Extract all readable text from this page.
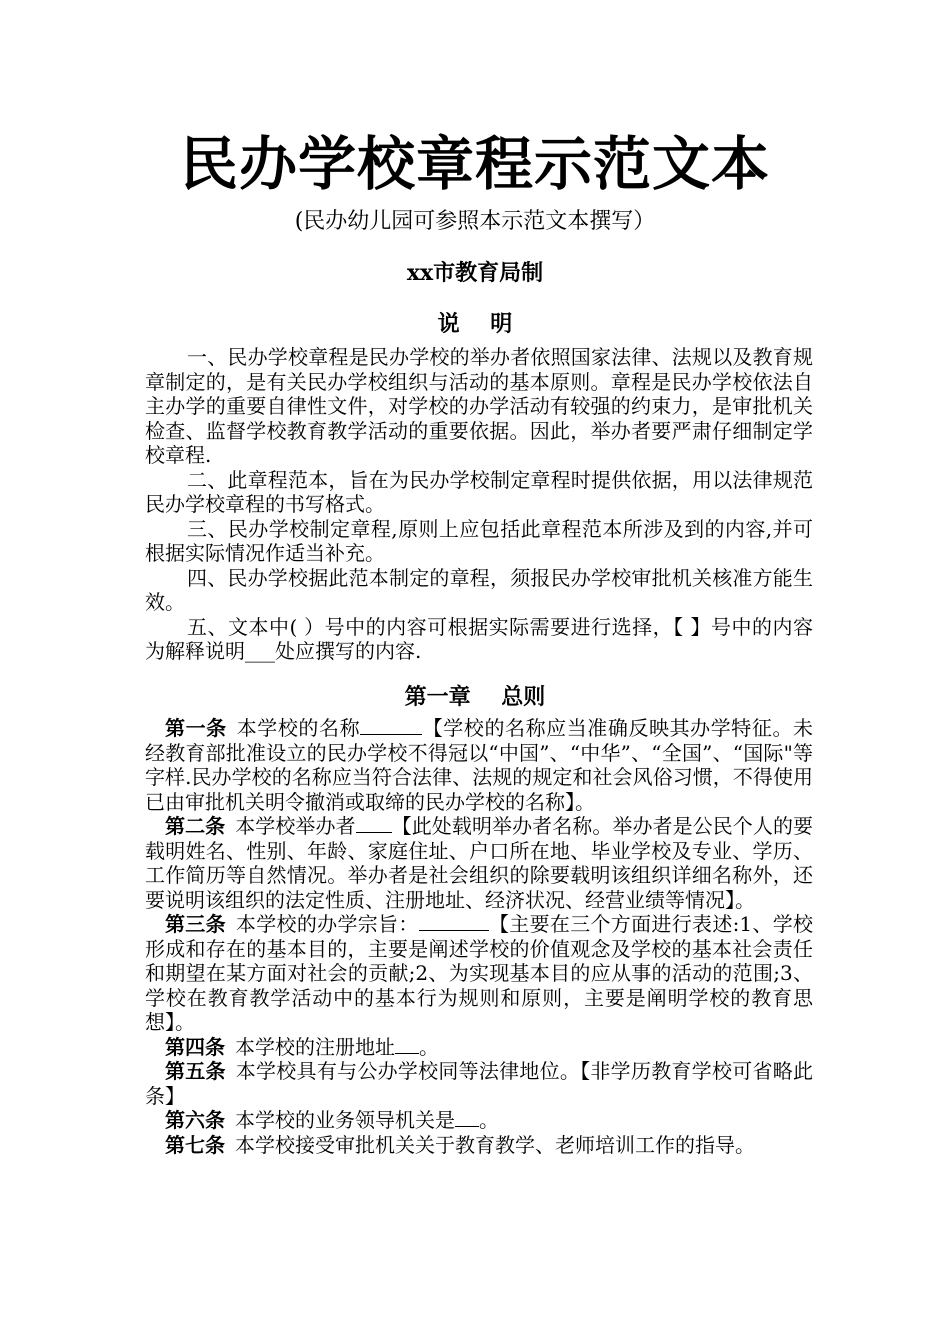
民办学校章程示范文本
(民办幼儿园可参照本示范文本撰写）
xx市教育局制
说    明

一、民办学校章程是民办学校的举办者依照国家法律、法规以及教育规章制定的，是有关民办学校组织与活动的基本原则。章程是民办学校依法自主办学的重要自律性文件，对学校的办学活动有较强的约束力，是审批机关检查、监督学校教育教学活动的重要依据。因此，举办者要严肃仔细制定学校章程.

二、此章程范本，旨在为民办学校制定章程时提供依据，用以法律规范民办学校章程的书写格式。

三、民办学校制定章程,原则上应包括此章程范本所涉及到的内容,并可根据实际情况作适当补充。

四、民办学校据此范本制定的章程，须报民办学校审批机关核准方能生效。

五、文本中( ）号中的内容可根据实际需要进行选择，【 】号中的内容为解释说明___处应撰写的内容.

第一章    总则

第一条 本学校的名称	【学校的名称应当准确反映其办学特征。未经教育部批准设立的民办学校不得冠以“中国”、“中华”、“全国”、“国际"等字样.民办学校的名称应当符合法律、法规的规定和社会风俗习惯，不得使用已由审批机关明令撤消或取缔的民办学校的名称】。

第二条 本学校举办者 【此处载明举办者名称。举办者是公民个人的要载明姓名、性别、年龄、家庭住址、户口所在地、毕业学校及专业、学历、工作简历等自然情况。举办者是社会组织的除要载明该组织详细名称外，还要说明该组织的法定性质、注册地址、经济状况、经营业绩等情况】。

第三条 本学校的办学宗旨：	【主要在三个方面进行表述:1、学校形成和存在的基本目的，主要是阐述学校的价值观念及学校的基本社会责任和期望在某方面对社会的贡献;2、为实现基本目的应从事的活动的范围;3、学校在教育教学活动中的基本行为规则和原则，主要是阐明学校的教育思想】。

第四条 本学校的注册地址 。

第五条 本学校具有与公办学校同等法律地位。【非学历教育学校可省略此条】

第六条 本学校的业务领导机关是 。

第七条 本学校接受审批机关关于教育教学、老师培训工作的指导。
